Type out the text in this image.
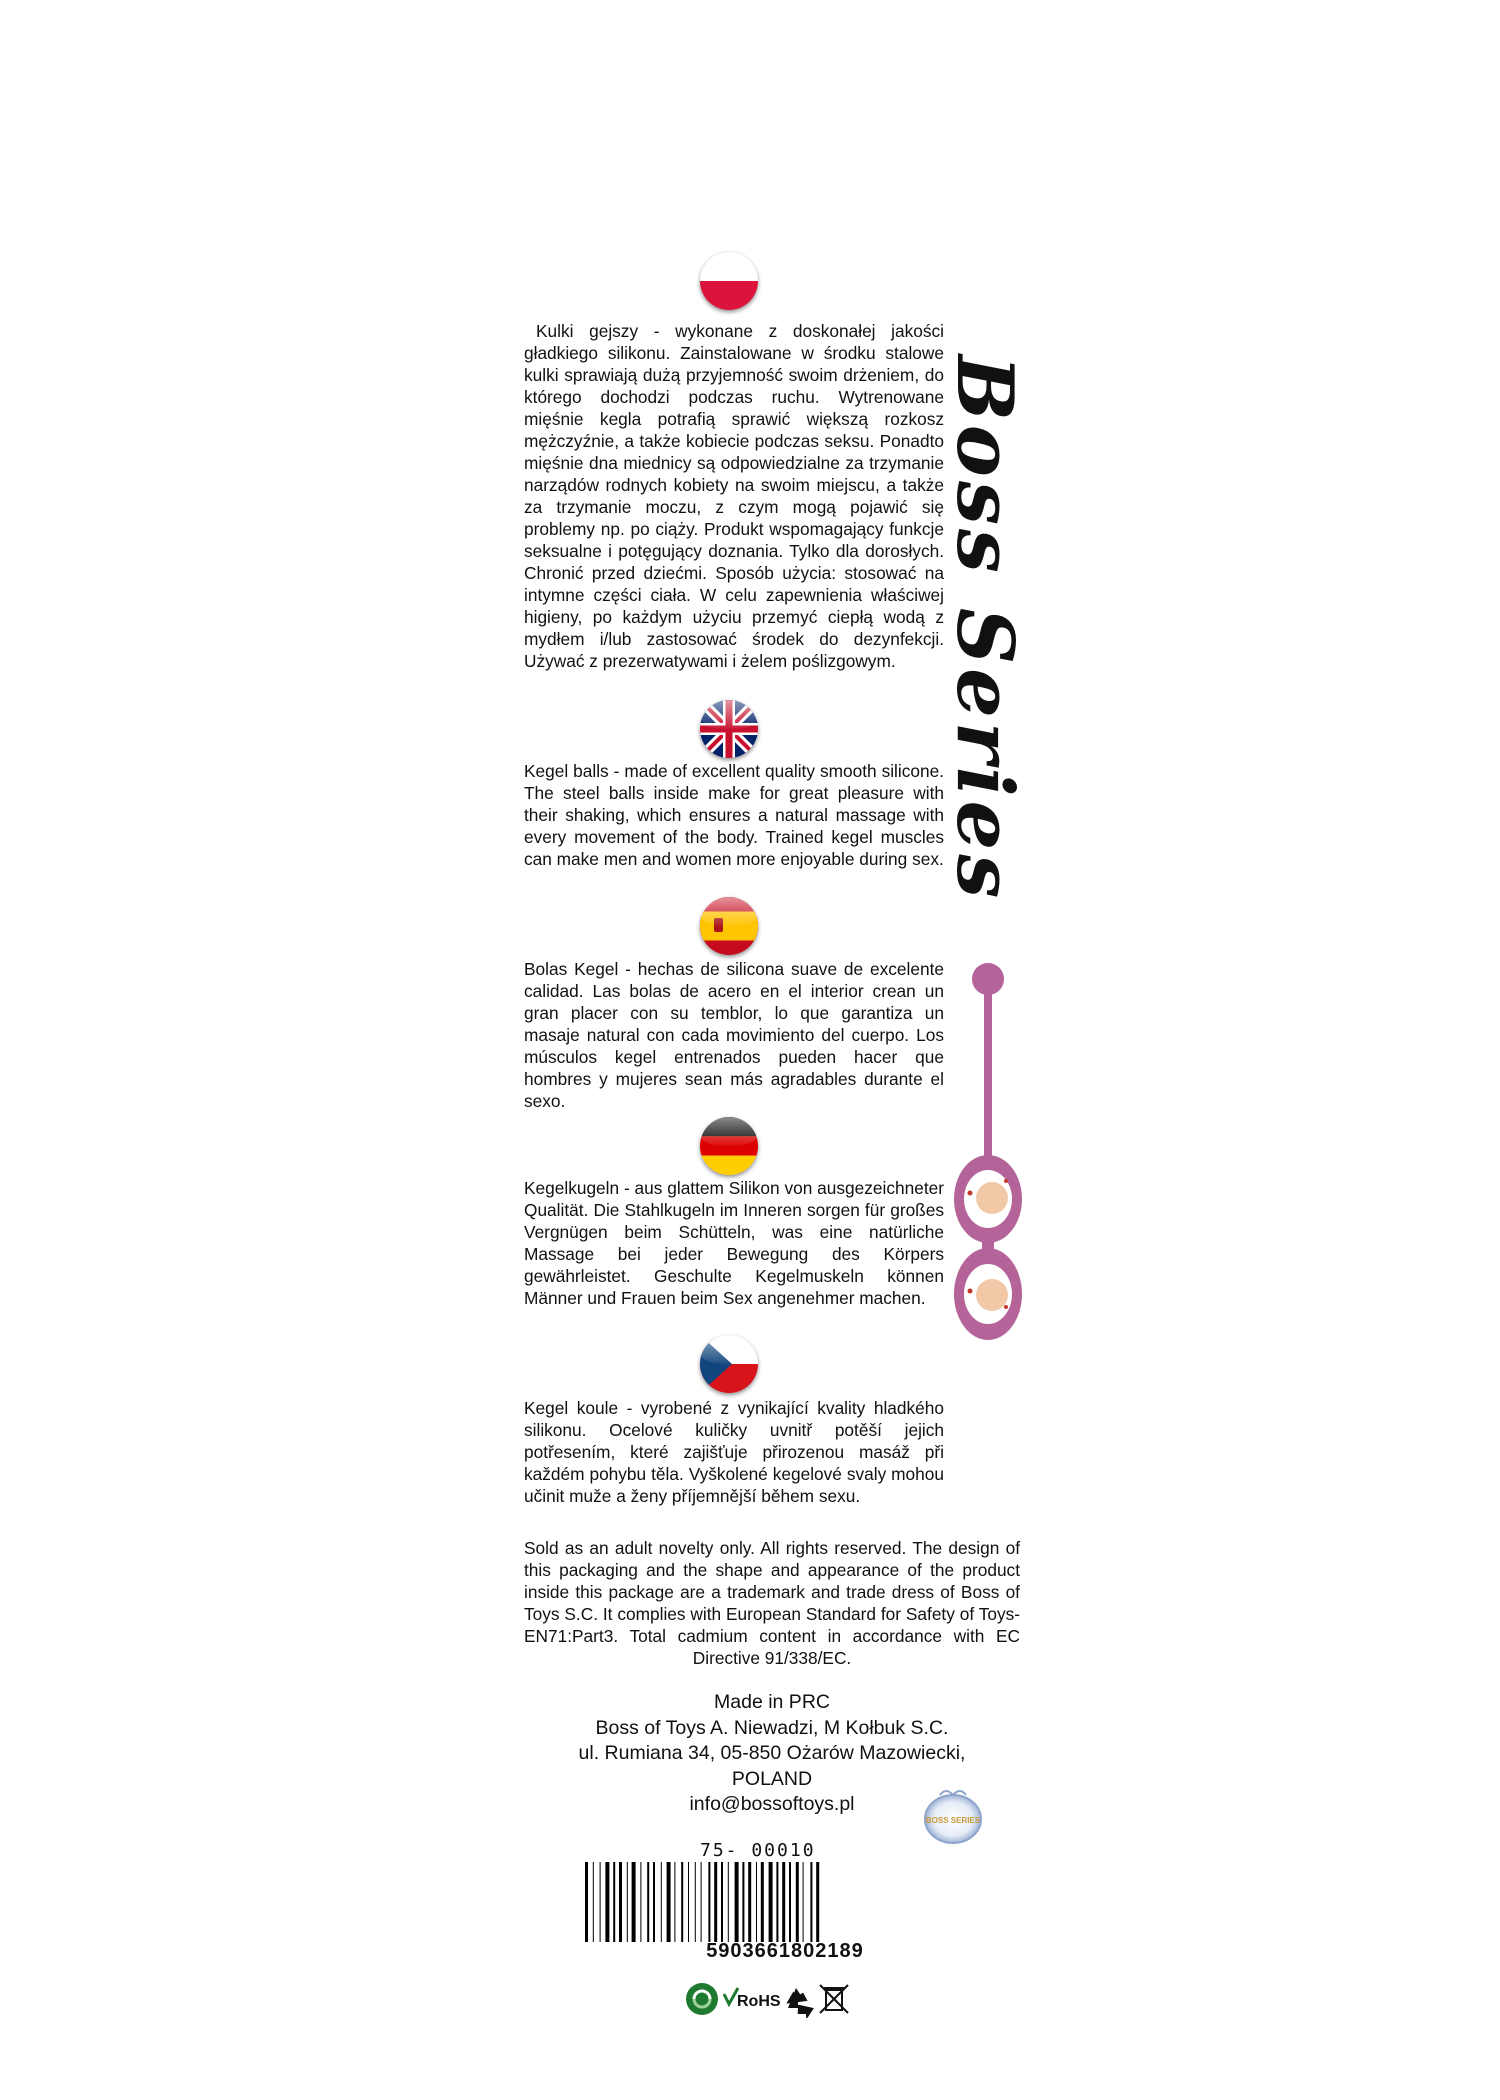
Kulki gejszy - wykonane z doskonałej jakości gładkiego silikonu. Zainstalowane w środku stalowe kulki sprawiają dużą przyjemność swoim drżeniem, do którego dochodzi podczas ruchu. Wytrenowane mięśnie kegla potrafią sprawić większą rozkosz mężczyźnie, a także kobiecie podczas seksu. Ponadto mięśnie dna miednicy są odpowiedzialne za trzymanie narządów rodnych kobiety na swoim miejscu, a także za trzymanie moczu, z czym mogą pojawić się problemy np. po ciąży. Produkt wspomagający funkcje seksualne i potęgujący doznania. Tylko dla dorosłych. Chronić przed dziećmi. Sposób użycia: stosować na intymne części ciała. W celu zapewnienia właściwej higieny, po każdym użyciu przemyć ciepłą wodą z mydłem i/lub zastosować środek do dezynfekcji. Używać z prezerwatywami i żelem poślizgowym.

Kegel balls - made of excellent quality smooth silicone. The steel balls inside make for great pleasure with their shaking, which ensures a natural massage with every movement of the body. Trained kegel muscles can make men and women more enjoyable during sex.

Bolas Kegel - hechas de silicona suave de excelente calidad. Las bolas de acero en el interior crean un gran placer con su temblor, lo que garantiza un masaje natural con cada movimiento del cuerpo. Los músculos kegel entrenados pueden hacer que hombres y mujeres sean más agradables durante el sexo.

Kegelkugeln - aus glattem Silikon von ausgezeichneter Qualität. Die Stahlkugeln im Inneren sorgen für großes Vergnügen beim Schütteln, was eine natürliche Massage bei jeder Bewegung des Körpers gewährleistet. Geschulte Kegelmuskeln können Männer und Frauen beim Sex angenehmer machen.

Kegel koule - vyrobené z vynikající kvality hladkého silikonu. Ocelové kuličky uvnitř potěší jejich potřesením, které zajišťuje přirozenou masáž při každém pohybu těla. Vyškolené kegelové svaly mohou učinit muže a ženy příjemnější během sexu.

Boss Series

Sold as an adult novelty only. All rights reserved. The design of this packaging and the shape and appearance of the product inside this package are a trademark and trade dress of Boss of Toys S.C. It complies with European Standard for Safety of Toys- EN71:Part3. Total cadmium content in accordance with EC Directive 91/338/EC.

Made in PRC
Boss of Toys A. Niewadzi, M Kołbuk S.C.
ul. Rumiana 34, 05-850 Ożarów Mazowiecki,
POLAND
info@bossoftoys.pl
BOSS SERIES
75- 00010
5903661802189
RoHS
